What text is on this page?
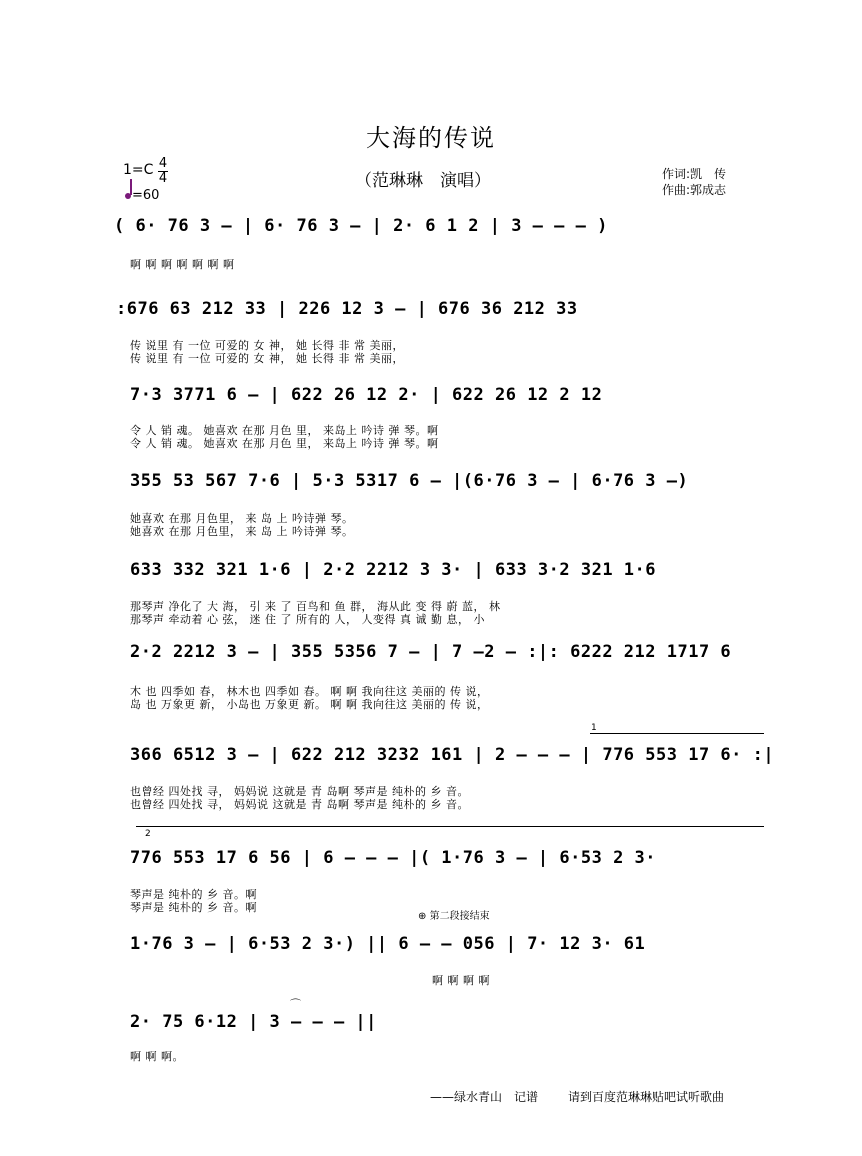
大海的传说
（范琳琳　演唱）
1=C 4
4
=60
作词:凯　传
作曲:郭成志
( 6· 76 3 – | 6· 76 3 – | 2· 6 1 2 | 3 – – – )
啊 啊 啊 啊 啊 啊 啊
:676 63 212 33 | 226 12 3 – | 676 36 212 33
传 说里 有 一位 可爱的 女 神， 她 长得 非 常 美丽，
传 说里 有 一位 可爱的 女 神， 她 长得 非 常 美丽，
7·3 3771 6 – | 622 26 12 2· | 622 26 12 2 12
令 人 销 魂。 她喜欢 在那 月色 里， 来岛上 吟诗 弹 琴。啊
令 人 销 魂。 她喜欢 在那 月色 里， 来岛上 吟诗 弹 琴。啊
355 53 567 7·6 | 5·3 5317 6 – |(6·76 3 – | 6·76 3 –)
她喜欢 在那 月色里， 来 岛 上 吟诗弹 琴。
她喜欢 在那 月色里， 来 岛 上 吟诗弹 琴。
633 332 321 1·6 | 2·2 2212 3 3· | 633 3·2 321 1·6
那琴声 净化了 大 海， 引 来 了 百鸟和 鱼 群， 海从此 变 得 蔚 蓝， 林
那琴声 牵动着 心 弦， 迷 住 了 所有的 人， 人变得 真 诚 勤 息， 小
2·2 2212 3 – | 355 5356 7 – | 7 –2 – :|: 6222 212 1717 6
木 也 四季如 春， 林木也 四季如 春。 啊 啊 我向往这 美丽的 传 说，
岛 也 万象更 新， 小岛也 万象更 新。 啊 啊 我向往这 美丽的 传 说，
1
366 6512 3 – | 622 212 3232 161 | 2 – – – | 776 553 17 6· :|
也曾经 四处找 寻， 妈妈说 这就是 青 岛啊 琴声是 纯朴的 乡 音。
也曾经 四处找 寻， 妈妈说 这就是 青 岛啊 琴声是 纯朴的 乡 音。
2
776 553 17 6 56 | 6 – – – |( 1·76 3 – | 6·53 2 3·
琴声是 纯朴的 乡 音。啊
琴声是 纯朴的 乡 音。啊
⊕ 第二段接结束
1·76 3 – | 6·53 2 3·) || 6 – – 056 | 7· 12 3· 61
啊 啊 啊 啊
2· 75 6·12 | 3 – – – ||
啊 啊 啊。
⌒
——绿水青山　记谱 请到百度范琳琳贴吧试听歌曲
